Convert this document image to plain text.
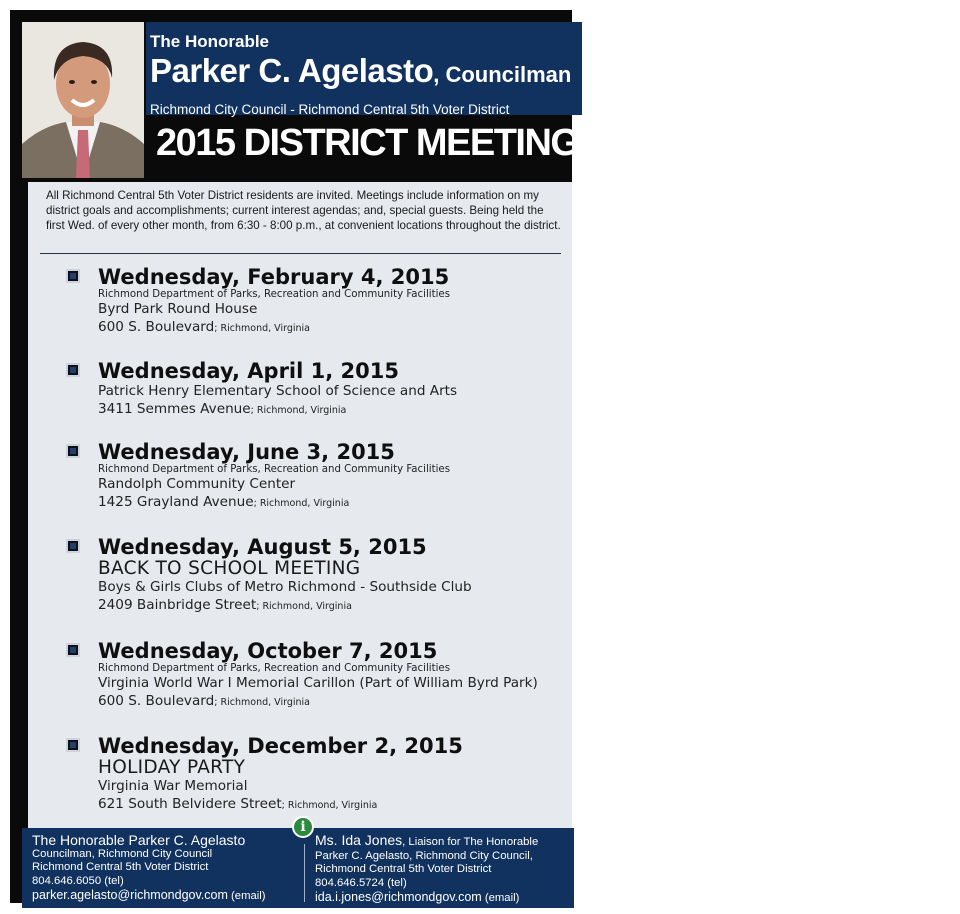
The Honorable
Parker C. Agelasto, Councilman
Richmond City Council - Richmond Central 5th Voter District
2015 DISTRICT MEETINGS
All Richmond Central 5th Voter District residents are invited. Meetings include information on my district goals and accomplishments; current interest agendas; and, special guests. Being held the first Wed. of every other month, from 6:30 - 8:00 p.m., at convenient locations throughout the district.
Wednesday, February 4, 2015
Richmond Department of Parks, Recreation and Community Facilities
Byrd Park Round House
600 S. Boulevard; Richmond, Virginia
Wednesday, April 1, 2015
Patrick Henry Elementary School of Science and Arts
3411 Semmes Avenue; Richmond, Virginia
Wednesday, June 3, 2015
Richmond Department of Parks, Recreation and Community Facilities
Randolph Community Center
1425 Grayland Avenue; Richmond, Virginia
Wednesday, August 5, 2015
BACK TO SCHOOL MEETING
Boys & Girls Clubs of Metro Richmond - Southside Club
2409 Bainbridge Street; Richmond, Virginia
Wednesday, October 7, 2015
Richmond Department of Parks, Recreation and Community Facilities
Virginia World War I Memorial Carillon (Part of William Byrd Park)
600 S. Boulevard; Richmond, Virginia
Wednesday, December 2, 2015
HOLIDAY PARTY
Virginia War Memorial
621 South Belvidere Street; Richmond, Virginia
i
The Honorable Parker C. Agelasto
Councilman, Richmond City Council
Richmond Central 5th Voter District
804.646.6050 (tel)
parker.agelasto@richmondgov.com (email)
Ms. Ida Jones, Liaison for The Honorable
Parker C. Agelasto, Richmond City Council,
Richmond Central 5th Voter District
804.646.5724 (tel)
ida.i.jones@richmondgov.com (email)
